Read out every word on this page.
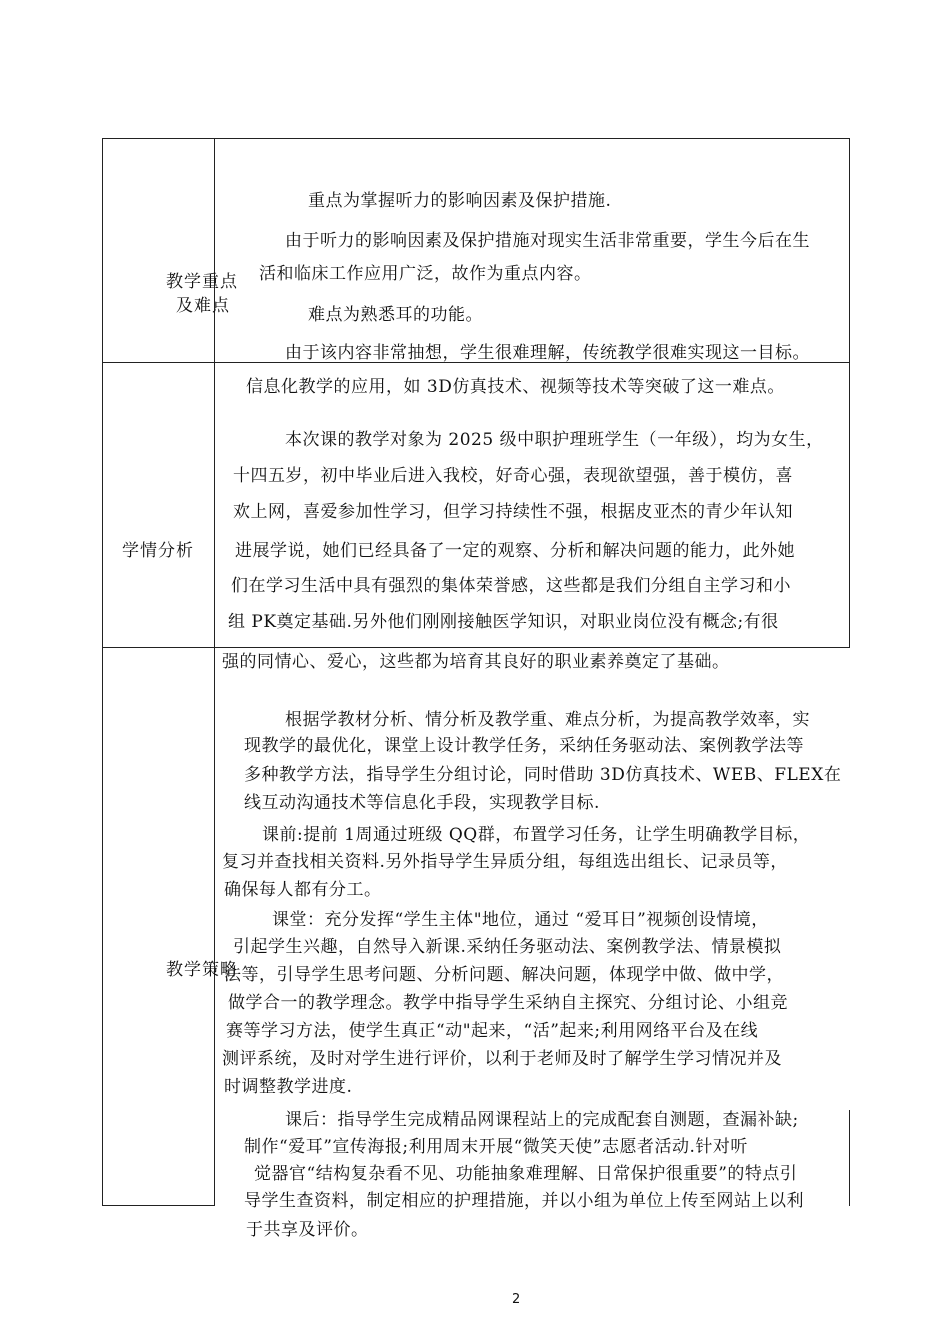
教学重点
及难点
学情分析
教学策略
重点为掌握听力的影响因素及保护措施.
由于听力的影响因素及保护措施对现实生活非常重要，学生今后在生
活和临床工作应用广泛，故作为重点内容。
难点为熟悉耳的功能。
由于该内容非常抽想，学生很难理解，传统教学很难实现这一目标。
信息化教学的应用，如 3D仿真技术、视频等技术等突破了这一难点。
本次课的教学对象为 2025 级中职护理班学生（一年级），均为女生，
十四五岁，初中毕业后进入我校，好奇心强，表现欲望强，善于模仿，喜
欢上网，喜爱参加性学习，但学习持续性不强，根据皮亚杰的青少年认知
进展学说，她们已经具备了一定的观察、分析和解决问题的能力，此外她
们在学习生活中具有强烈的集体荣誉感，这些都是我们分组自主学习和小
组 PK奠定基础.另外他们刚刚接触医学知识，对职业岗位没有概念;有很
强的同情心、爱心，这些都为培育其良好的职业素养奠定了基础。
根据学教材分析、情分析及教学重、难点分析，为提高教学效率，实
现教学的最优化，课堂上设计教学任务，采纳任务驱动法、案例教学法等
多种教学方法，指导学生分组讨论，同时借助 3D仿真技术、WEB、FLEX在
线互动沟通技术等信息化手段，实现教学目标.
课前:提前 1周通过班级 QQ群，布置学习任务，让学生明确教学目标，
复习并查找相关资料.另外指导学生异质分组，每组选出组长、记录员等，
确保每人都有分工。
课堂：充分发挥“学生主体"地位，通过 “爱耳日”视频创设情境，
引起学生兴趣，自然导入新课.采纳任务驱动法、案例教学法、情景模拟
法等，引导学生思考问题、分析问题、解决问题，体现学中做、做中学，
做学合一的教学理念。教学中指导学生采纳自主探究、分组讨论、小组竞
赛等学习方法，使学生真正“动"起来，“活”起来;利用网络平台及在线
测评系统，及时对学生进行评价，以利于老师及时了解学生学习情况并及
时调整教学进度.
课后：指导学生完成精品网课程站上的完成配套自测题，查漏补缺;
制作“爱耳”宣传海报;利用周末开展“微笑天使”志愿者活动.针对听
觉器官“结构复杂看不见、功能抽象难理解、日常保护很重要”的特点引
导学生查资料，制定相应的护理措施，并以小组为单位上传至网站上以利
于共享及评价。
2
